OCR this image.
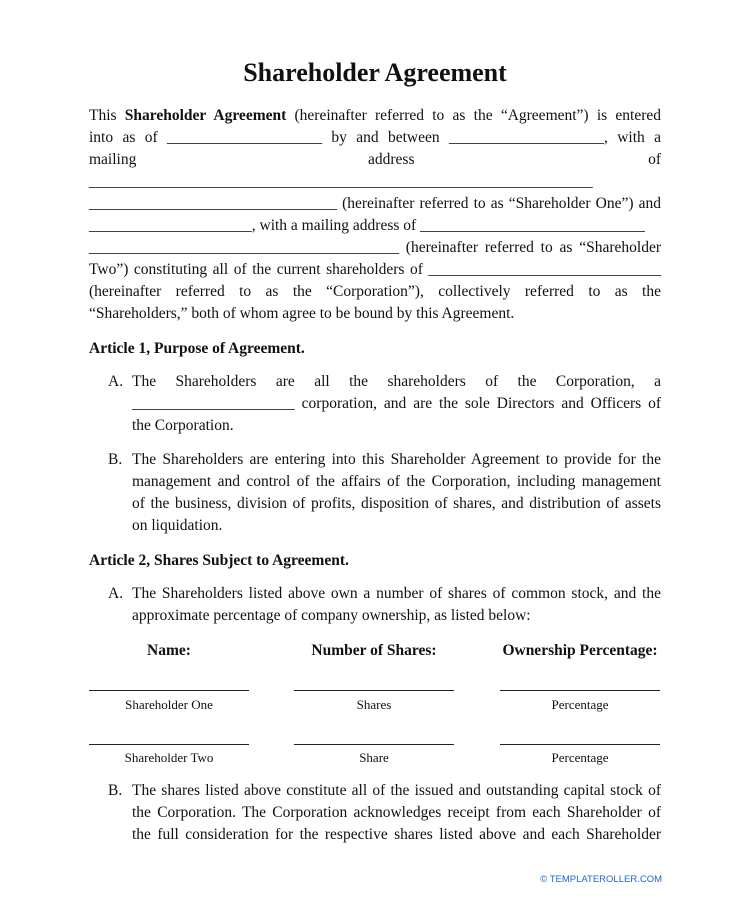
Shareholder Agreement
This Shareholder Agreement (hereinafter referred to as the “Agreement”) is entered
into as of ____________________ by and between ____________________, with a
mailing	address	of
_________________________________________________________________
________________________________ (hereinafter referred to as “Shareholder One”) and
_____________________, with a mailing address of _____________________________
________________________________________ (hereinafter referred to as “Shareholder
Two”) constituting all of the current shareholders of ______________________________
(hereinafter referred to as the “Corporation”), collectively referred to as the
“Shareholders,” both of whom agree to be bound by this Agreement.
Article 1, Purpose of Agreement.
A. The Shareholders are all the shareholders of the Corporation, a
_____________________ corporation, and are the sole Directors and Officers of
the Corporation.
B. The Shareholders are entering into this Shareholder Agreement to provide for the
management and control of the affairs of the Corporation, including management
of the business, division of profits, disposition of shares, and distribution of assets
on liquidation.
Article 2, Shares Subject to Agreement.
A. The Shareholders listed above own a number of shares of common stock, and the
approximate percentage of company ownership, as listed below:
Name:	Number of Shares:	Ownership Percentage:
Shareholder One	Shares	Percentage
Shareholder Two	Share	Percentage
B. The shares listed above constitute all of the issued and outstanding capital stock of
the Corporation. The Corporation acknowledges receipt from each Shareholder of
the full consideration for the respective shares listed above and each Shareholder
© TEMPLATEROLLER.COM
